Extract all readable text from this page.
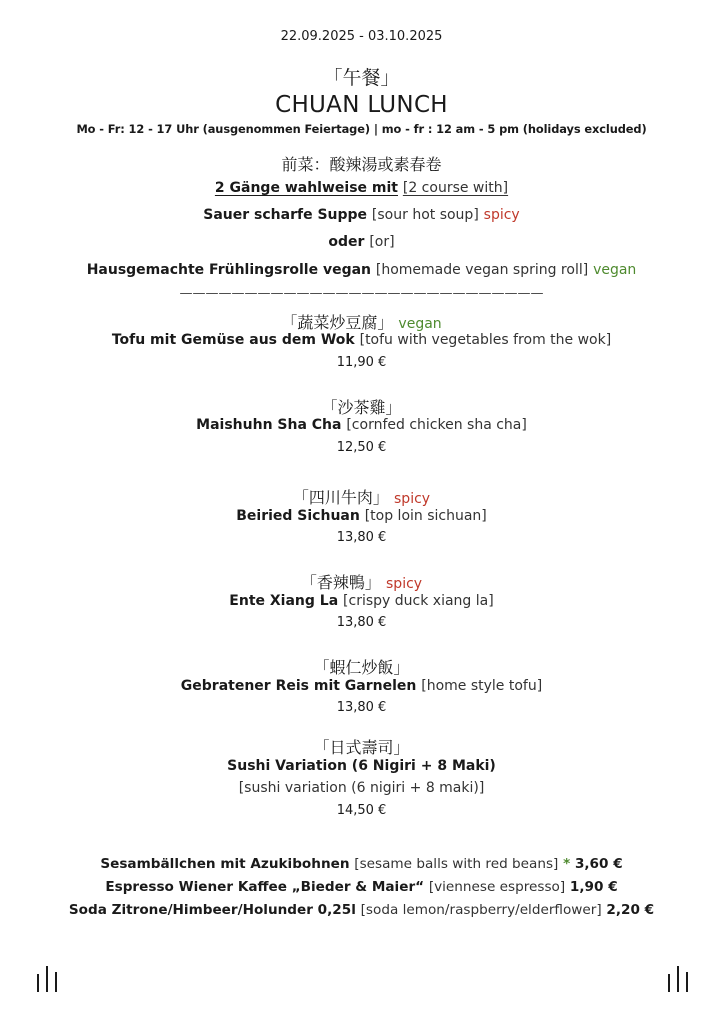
22.09.2025 - 03.10.2025
「午餐」
CHUAN LUNCH
Mo - Fr: 12 - 17 Uhr (ausgenommen Feiertage) | mo - fr : 12 am - 5 pm (holidays excluded)
前菜：酸辣湯或素春卷
2 Gänge wahlweise mit [2 course with]
Sauer scharfe Suppe [sour hot soup] spicy
oder [or]
Hausgemachte Frühlingsrolle vegan [homemade vegan spring roll] vegan
————————————————————————————
「蔬菜炒豆腐」 vegan
Tofu mit Gemüse aus dem Wok [tofu with vegetables from the wok]
11,90 €
「沙茶雞」
Maishuhn Sha Cha [cornfed chicken sha cha]
12,50 €
「四川牛肉」 spicy
Beiried Sichuan [top loin sichuan]
13,80 €
「香辣鴨」 spicy
Ente Xiang La [crispy duck xiang la]
13,80 €
「蝦仁炒飯」
Gebratener Reis mit Garnelen [home style tofu]
13,80 €
「日式壽司」
Sushi Variation (6 Nigiri + 8 Maki)
[sushi variation (6 nigiri + 8 maki)]
14,50 €
Sesambällchen mit Azukibohnen [sesame balls with red beans] * 3,60 €
Espresso Wiener Kaffee „Bieder & Maier“ [viennese espresso] 1,90 €
Soda Zitrone/Himbeer/Holunder 0,25l [soda lemon/raspberry/elderflower] 2,20 €
